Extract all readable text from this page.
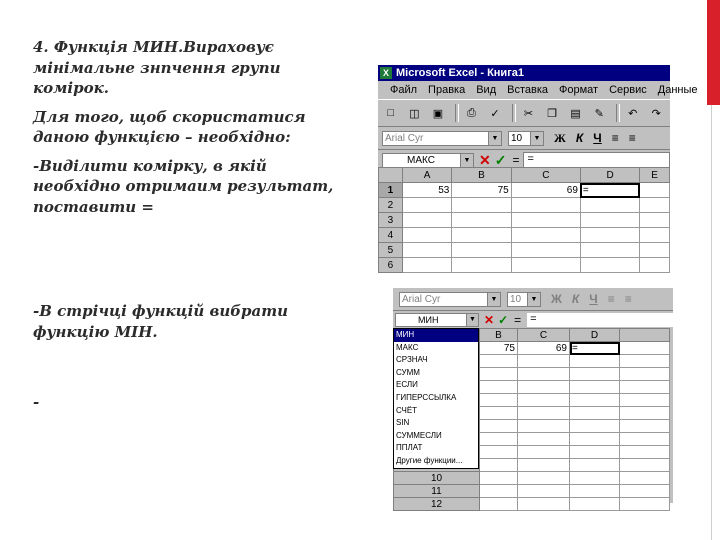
4. Функція МИН.Вираховує мінімальне знпчення групи комірок.

Для того, щоб скористатися даною функцією – необхідно:

-Виділити комірку, в якій необхідно отримаим результат, поставити =

-В стрічці функцій вибрати функцію МІН.

-

X Microsoft Excel - Книга1
Файл Правка Вид Вставка Формат Сервис Данные
□	◫	▣	⎙	✓	✂	❐	▤	✎	↶	↷
Arial Cyr	▼ 10	▼ Ж К Ч ≡ ≡
МАКС	▼ ✕ ✓ = =
	A	B	C	D	E
1	53	75	69	=	
2					
3					
4					
5					
6					
Arial Cyr	▼ 10	▼ Ж К Ч ≡ ≡
МИН	▼ ✕ ✓ = =
	B	C	D	
	75	69	=	

10				
11				
12				
МИН
МАКС
СРЗНАЧ
СУММ
ЕСЛИ
ГИПЕРССЫЛКА
СЧЁТ
SIN
СУММЕСЛИ
ППЛАТ
Другие функции...
